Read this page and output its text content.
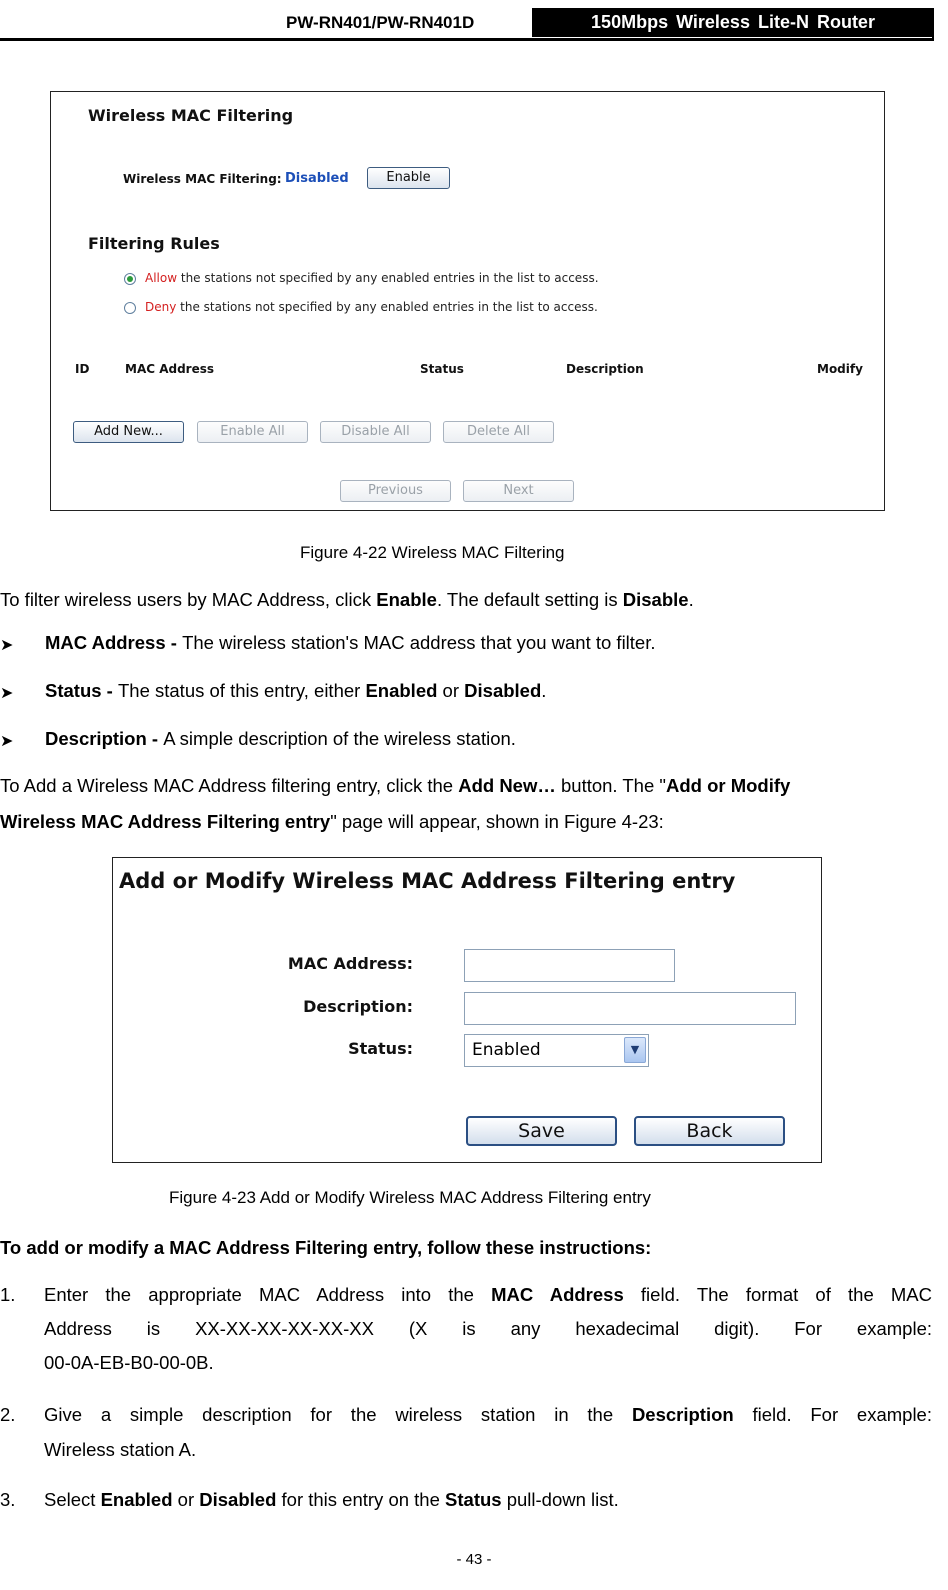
PW-RN401/PW-RN401D	150Mbps Wireless Lite-N Router
Wireless MAC Filtering
Wireless MAC Filtering: Disabled	Enable
Filtering Rules
Allow the stations not specified by any enabled entries in the list to access.
Deny the stations not specified by any enabled entries in the list to access.
ID	MAC Address	Status	Description	Modify
Add New...	Enable All	Disable All	Delete All
Previous	Next
Figure 4-22 Wireless MAC Filtering
To filter wireless users by MAC Address, click Enable. The default setting is Disable.
➤ MAC Address - The wireless station's MAC address that you want to filter.
➤ Status - The status of this entry, either Enabled or Disabled.
➤ Description - A simple description of the wireless station.
To Add a Wireless MAC Address filtering entry, click the Add New… button. The "Add or Modify
Wireless MAC Address Filtering entry" page will appear, shown in Figure 4-23:
Add or Modify Wireless MAC Address Filtering entry
MAC Address:
Description:
Status:	Enabled	▼
Save	Back
Figure 4-23 Add or Modify Wireless MAC Address Filtering entry
To add or modify a MAC Address Filtering entry, follow these instructions:
1. Enter the appropriate MAC Address into the MAC Address field. The format of the MAC
Address is XX-XX-XX-XX-XX-XX (X is any hexadecimal digit). For example:
00-0A-EB-B0-00-0B.
2. Give a simple description for the wireless station in the Description field. For example:
Wireless station A.
3. Select Enabled or Disabled for this entry on the Status pull-down list.
- 43 -
